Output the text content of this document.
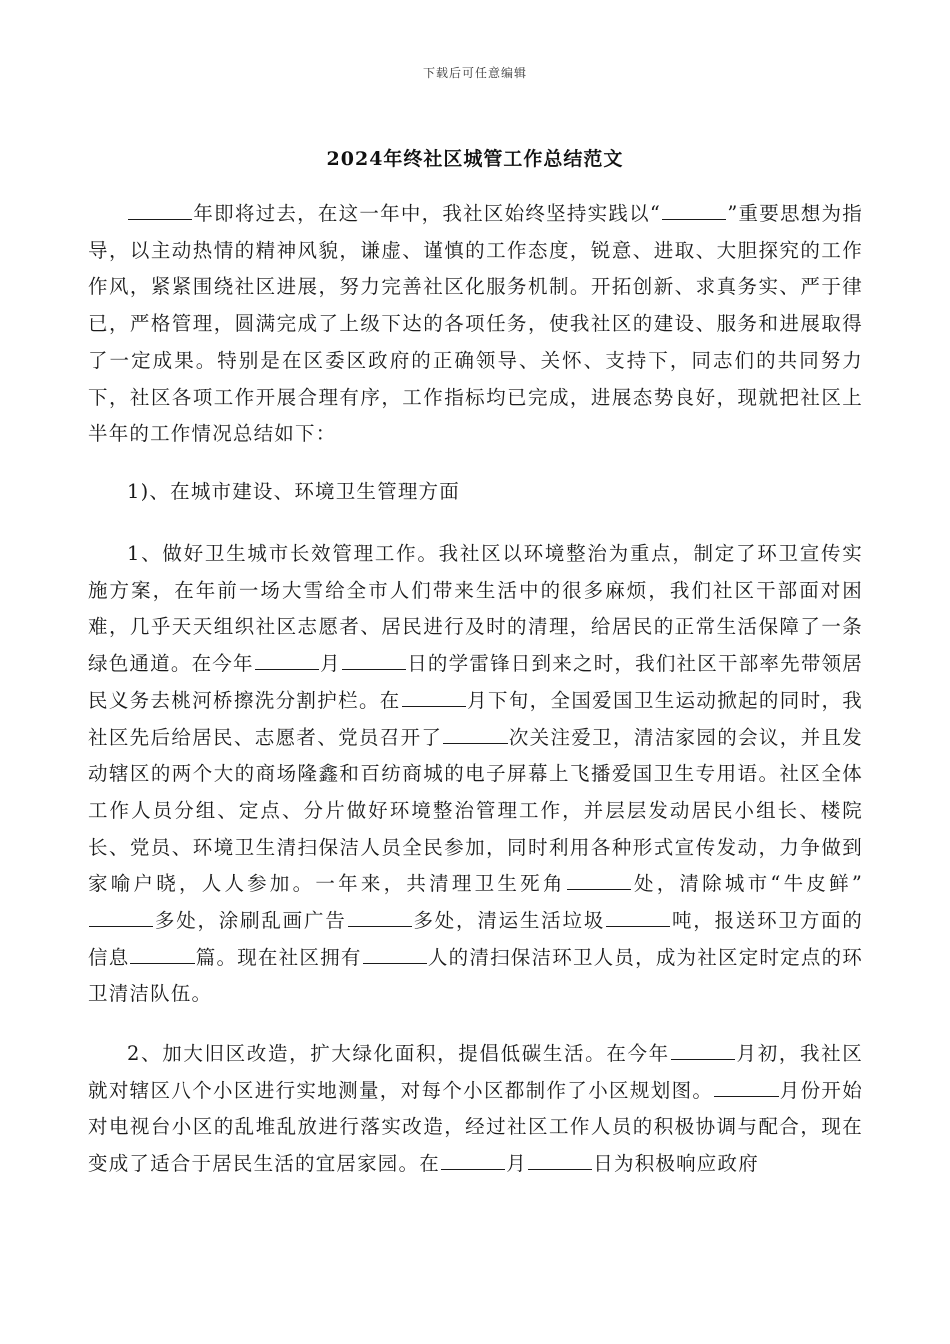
下载后可任意编辑
2024年终社区城管工作总结范文

年即将过去，在这一年中，我社区始终坚持实践以“	”重要思想为指导，以主动热情的精神风貌，谦虚、谨慎的工作态度，锐意、进取、大胆探究的工作作风，紧紧围绕社区进展，努力完善社区化服务机制。开拓创新、求真务实、严于律已，严格管理，圆满完成了上级下达的各项任务，使我社区的建设、服务和进展取得了一定成果。特别是在区委区政府的正确领导、关怀、支持下，同志们的共同努力下，社区各项工作开展合理有序，工作指标均已完成，进展态势良好，现就把社区上半年的工作情况总结如下：

1)、在城市建设、环境卫生管理方面

1、做好卫生城市长效管理工作。我社区以环境整治为重点，制定了环卫宣传实施方案，在年前一场大雪给全市人们带来生活中的很多麻烦，我们社区干部面对困难，几乎天天组织社区志愿者、居民进行及时的清理，给居民的正常生活保障了一条绿色通道。在今年	月	日的学雷锋日到来之时，我们社区干部率先带领居民义务去桃河桥擦洗分割护栏。在	月下旬，全国爱国卫生运动掀起的同时，我社区先后给居民、志愿者、党员召开了	次关注爱卫，清洁家园的会议，并且发动辖区的两个大的商场隆鑫和百纺商城的电子屏幕上飞播爱国卫生专用语。社区全体工作人员分组、定点、分片做好环境整治管理工作，并层层发动居民小组长、楼院长、党员、环境卫生清扫保洁人员全民参加，同时利用各种形式宣传发动，力争做到家喻户晓，人人参加。一年来，共清理卫生死角	处，清除城市“牛皮鲜”多处，涂刷乱画广告	多处，清运生活垃圾	吨，报送环卫方面的信息	篇。现在社区拥有	人的清扫保洁环卫人员，成为社区定时定点的环卫清洁队伍。

2、加大旧区改造，扩大绿化面积，提倡低碳生活。在今年	月初，我社区就对辖区八个小区进行实地测量，对每个小区都制作了小区规划图。	月份开始对电视台小区的乱堆乱放进行落实改造，经过社区工作人员的积极协调与配合，现在变成了适合于居民生活的宜居家园。在	月	日为积极响应政府
